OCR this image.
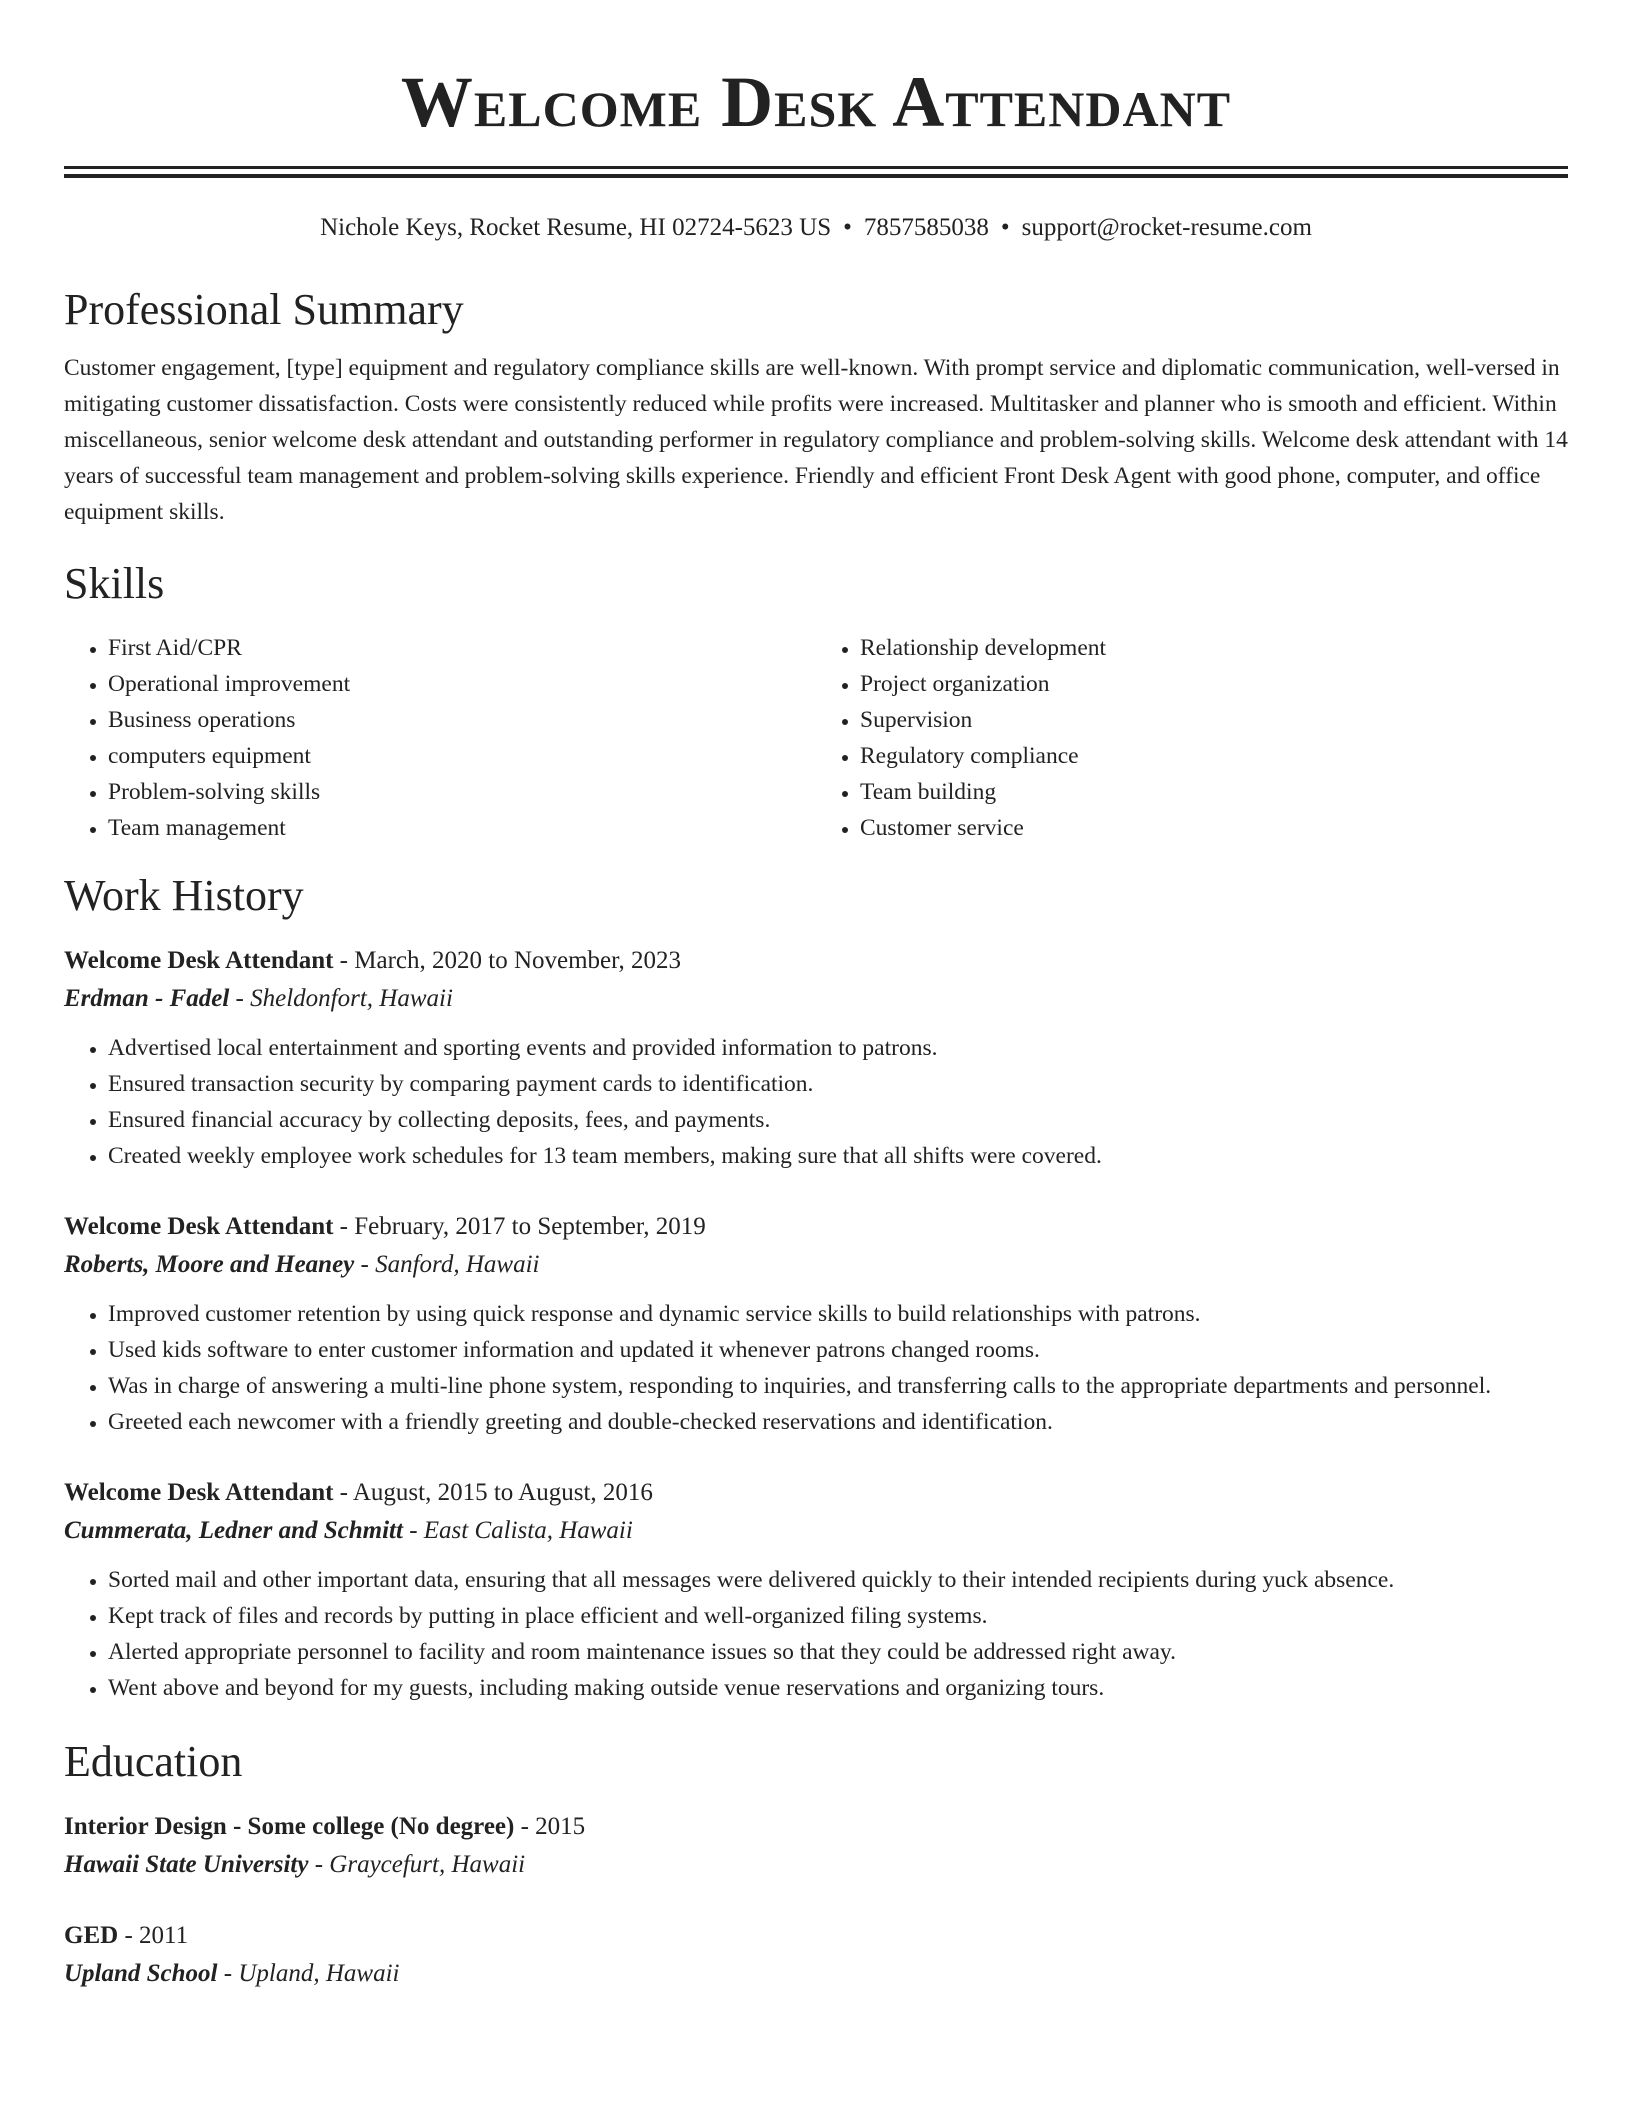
Welcome Desk Attendant
Nichole Keys, Rocket Resume, HI 02724-5623 US • 7857585038 • support@rocket-resume.com
Professional Summary
Customer engagement, [type] equipment and regulatory compliance skills are well-known. With prompt service and diplomatic communication, well-versed in mitigating customer dissatisfaction. Costs were consistently reduced while profits were increased. Multitasker and planner who is smooth and efficient. Within miscellaneous, senior welcome desk attendant and outstanding performer in regulatory compliance and problem-solving skills. Welcome desk attendant with 14 years of successful team management and problem-solving skills experience. Friendly and efficient Front Desk Agent with good phone, computer, and office equipment skills.
Skills
• First Aid/CPR
• Operational improvement
• Business operations
• computers equipment
• Problem-solving skills
• Team management
• Relationship development
• Project organization
• Supervision
• Regulatory compliance
• Team building
• Customer service
Work History
Welcome Desk Attendant - March, 2020 to November, 2023
Erdman - Fadel - Sheldonfort, Hawaii
• Advertised local entertainment and sporting events and provided information to patrons.
• Ensured transaction security by comparing payment cards to identification.
• Ensured financial accuracy by collecting deposits, fees, and payments.
• Created weekly employee work schedules for 13 team members, making sure that all shifts were covered.
Welcome Desk Attendant - February, 2017 to September, 2019
Roberts, Moore and Heaney - Sanford, Hawaii
• Improved customer retention by using quick response and dynamic service skills to build relationships with patrons.
• Used kids software to enter customer information and updated it whenever patrons changed rooms.
• Was in charge of answering a multi-line phone system, responding to inquiries, and transferring calls to the appropriate departments and personnel.
• Greeted each newcomer with a friendly greeting and double-checked reservations and identification.
Welcome Desk Attendant - August, 2015 to August, 2016
Cummerata, Ledner and Schmitt - East Calista, Hawaii
• Sorted mail and other important data, ensuring that all messages were delivered quickly to their intended recipients during yuck absence.
• Kept track of files and records by putting in place efficient and well-organized filing systems.
• Alerted appropriate personnel to facility and room maintenance issues so that they could be addressed right away.
• Went above and beyond for my guests, including making outside venue reservations and organizing tours.
Education
Interior Design - Some college (No degree) - 2015
Hawaii State University - Graycefurt, Hawaii
GED - 2011
Upland School - Upland, Hawaii
